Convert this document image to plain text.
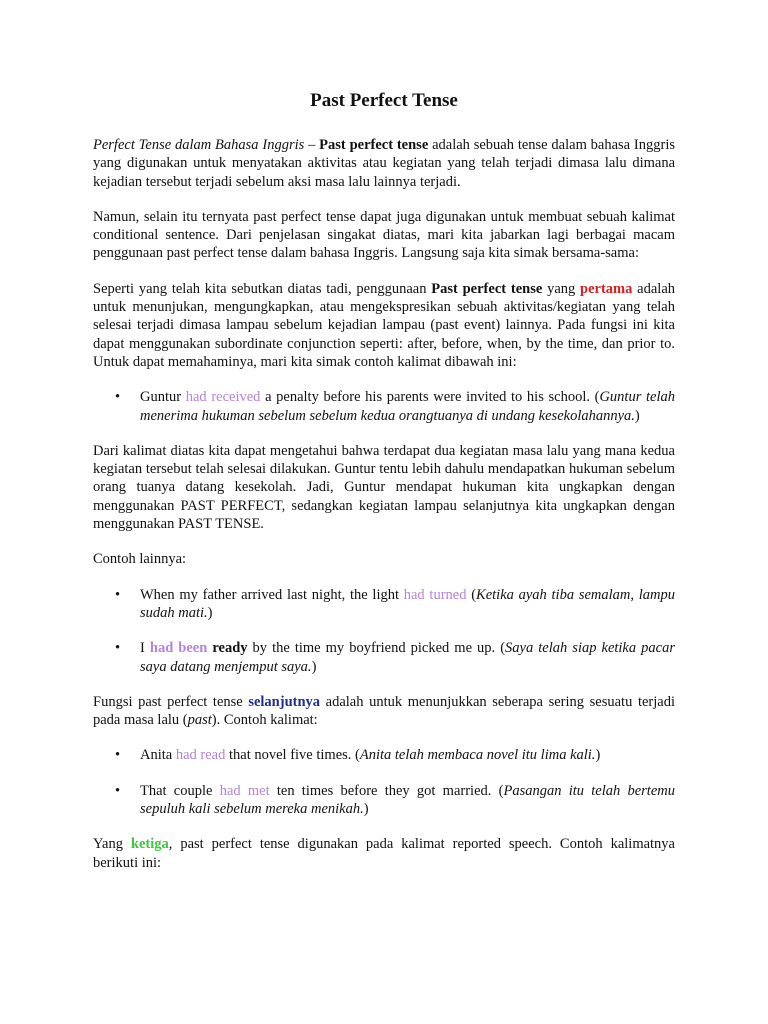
Past Perfect Tense

Perfect Tense dalam Bahasa Inggris – Past perfect tense adalah sebuah tense dalam bahasa Inggris yang digunakan untuk menyatakan aktivitas atau kegiatan yang telah terjadi dimasa lalu dimana kejadian tersebut terjadi sebelum aksi masa lalu lainnya terjadi.

Namun, selain itu ternyata past perfect tense dapat juga digunakan untuk membuat sebuah kalimat conditional sentence. Dari penjelasan singakat diatas, mari kita jabarkan lagi berbagai macam penggunaan past perfect tense dalam bahasa Inggris. Langsung saja kita simak bersama-sama:

Seperti yang telah kita sebutkan diatas tadi, penggunaan Past perfect tense yang pertama adalah untuk menunjukan, mengungkapkan, atau mengekspresikan sebuah aktivitas/kegiatan yang telah selesai terjadi dimasa lampau sebelum kejadian lampau (past event) lainnya. Pada fungsi ini kita dapat menggunakan subordinate conjunction seperti: after, before, when, by the time, dan prior to. Untuk dapat memahaminya, mari kita simak contoh kalimat dibawah ini:

• Guntur had received a penalty before his parents were invited to his school. (Guntur telah menerima hukuman sebelum sebelum kedua orangtuanya di undang kesekolahannya.)

Dari kalimat diatas kita dapat mengetahui bahwa terdapat dua kegiatan masa lalu yang mana kedua kegiatan tersebut telah selesai dilakukan. Guntur tentu lebih dahulu mendapatkan hukuman sebelum orang tuanya datang kesekolah. Jadi, Guntur mendapat hukuman kita ungkapkan dengan menggunakan PAST PERFECT, sedangkan kegiatan lampau selanjutnya kita ungkapkan dengan menggunakan PAST TENSE.

Contoh lainnya:

• When my father arrived last night, the light had turned (Ketika ayah tiba semalam, lampu sudah mati.)
• I had been ready by the time my boyfriend picked me up. (Saya telah siap ketika pacar saya datang menjemput saya.)

Fungsi past perfect tense selanjutnya adalah untuk menunjukkan seberapa sering sesuatu terjadi pada masa lalu (past). Contoh kalimat:

• Anita had read that novel five times. (Anita telah membaca novel itu lima kali.)
• That couple had met ten times before they got married. (Pasangan itu telah bertemu sepuluh kali sebelum mereka menikah.)

Yang ketiga, past perfect tense digunakan pada kalimat reported speech. Contoh kalimatnya berikuti ini:
